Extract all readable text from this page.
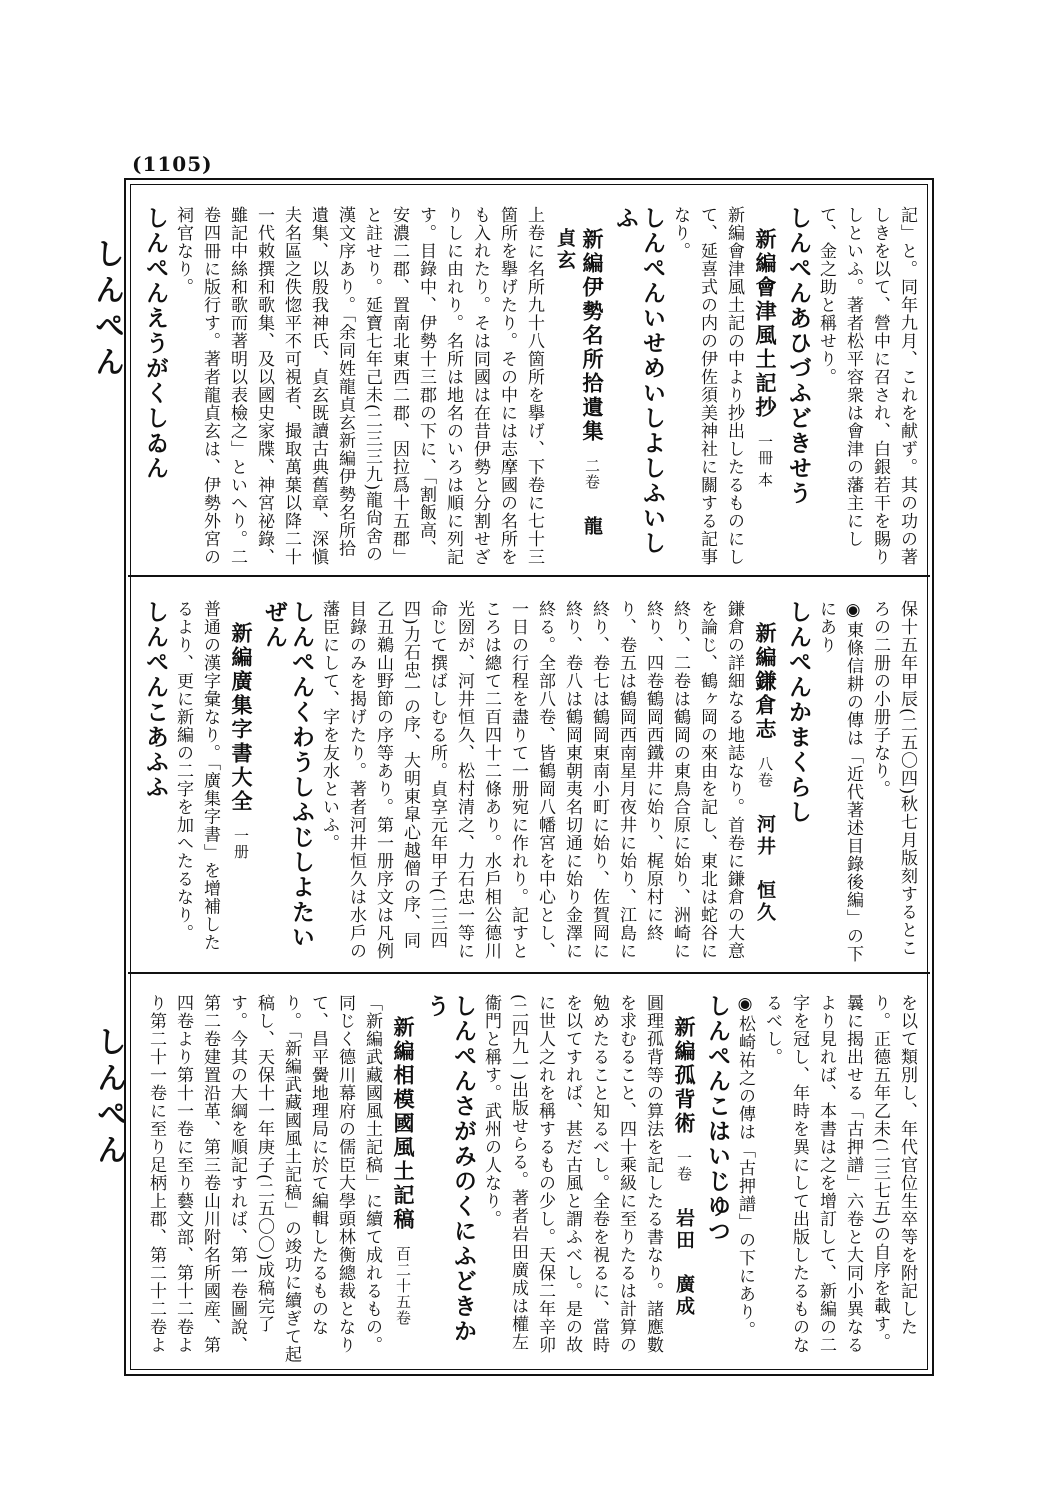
(1105)
しんぺん
しんぺん

記」と。同年九月、これを献ず。其の功の著しきを以て、營中に召され、白銀若干を賜りしといふ。著者松平容衆は會津の藩主にして、金之助と稱せり。

しんぺんあひづふどきせう

新編會津風土記抄一冊 本

新編會津風土記の中より抄出したるものにして、延喜式の内の伊佐須美神社に關する記事なり。

しんぺんいせめいしよしふいしふ

新編伊勢名所拾遺集二卷龍　貞玄

上卷に名所九十八箇所を擧げ、下卷に七十三箇所を擧げたり。その中には志摩國の名所をも入れたり。そは同國は在昔伊勢と分割せざりしに由れり。名所は地名のいろは順に列記す。目錄中、伊勢十三郡の下に、「割飯高、安濃二郡、置南北東西二郡、因拉爲十五郡」と註せり。延寶七年己未(二三三九)龍尙舍の漢文序あり。「余同姓龍貞玄新編伊勢名所拾遺集、以殷我神氏、貞玄既讀古典舊章、深愼夫名區之佚惚平不可視者、撮取萬葉以降二十一代敕撰和歌集、及以國史家牒、神宮祕錄、雖記中絲和歌而著明以表檢之」といへり。二卷四冊に版行す。著者龍貞玄は、伊勢外宮の祠官なり。

しんぺんえうがくしゐん

保十五年甲辰(二五〇四)秋七月版刻するところの二册の小册子なり。

◉東條信耕の傳は「近代著述目錄後編」の下にあり

しんぺんかまくらし

新編鎌倉志八卷河井　恒久

鎌倉の詳細なる地誌なり。首卷に鎌倉の大意を論じ、鶴ヶ岡の來由を記し、東北は蛇谷に終り、二卷は鶴岡の東鳥合原に始り、洲崎に終り、四卷鶴岡西鐵井に始り、梶原村に終り、卷五は鶴岡西南星月夜井に始り、江島に終り、卷七は鶴岡東南小町に始り、佐賀岡に終り、卷八は鶴岡東朝夷名切通に始り金澤に終る。全部八卷、皆鶴岡八幡宮を中心とし、一日の行程を盡りて一册宛に作れり。記すところは總て二百四十二條あり。水戶相公德川光圀が、河井恒久、松村清之、力石忠一等に命じて撰ばしむる所。貞享元年甲子(二三四四)力石忠一の序、大明東皐心越僧の序、同乙丑鵜山野節の序等あり。第一册序文は凡例目錄のみを揭げたり。著者河井恒久は水戶の藩臣にして、字を友水といふ。

しんぺんくわうしふじしよたいぜん

新編廣集字書大全一册

普通の漢字彙なり。「廣集字書」を增補したるより、更に新編の二字を加へたるなり。

しんぺんこあふふ

を以て類別し、年代官位生卒等を附記したり。正德五年乙未(二三七五)の自序を載す。曩に揭出せる「古押譜」六卷と大同小異なるより見れば、本書は之を增訂して、新編の二字を冠し、年時を異にして出版したるものなるべし。

◉松崎祐之の傳は「古押譜」の下にあり。

しんぺんこはいじゆつ

新編孤背術一卷岩田　廣成

圓理孤背等の算法を記したる書なり。諸應數を求むること、四十乘級に至りたるは計算の勉めたること知るべし。全卷を視るに、當時を以てすれば、甚だ古風と謂ふべし。是の故に世人之れを稱するもの少し。天保二年辛卯(二四九一)出版せらる。著者岩田廣成は權左衞門と稱す。武州の人なり。

しんぺんさがみのくにふどきかう

新編相模國風土記稿百二十五卷

「新編武藏國風土記稿」に續て成れるもの。同じく德川幕府の儒臣大學頭林衡總裁となりて、昌平黌地理局に於て編輯したるものなり。「新編武藏國風土記稿」の竣功に續ぎて起稿し、天保十一年庚子(二五〇〇)成稿完了す。今其の大綱を順記すれば、第一卷圖說、第二卷建置沿革、第三卷山川附名所國産、第四卷より第十一卷に至り藝文部、第十二卷より第二十一卷に至り足柄上郡、第二十二卷よ
